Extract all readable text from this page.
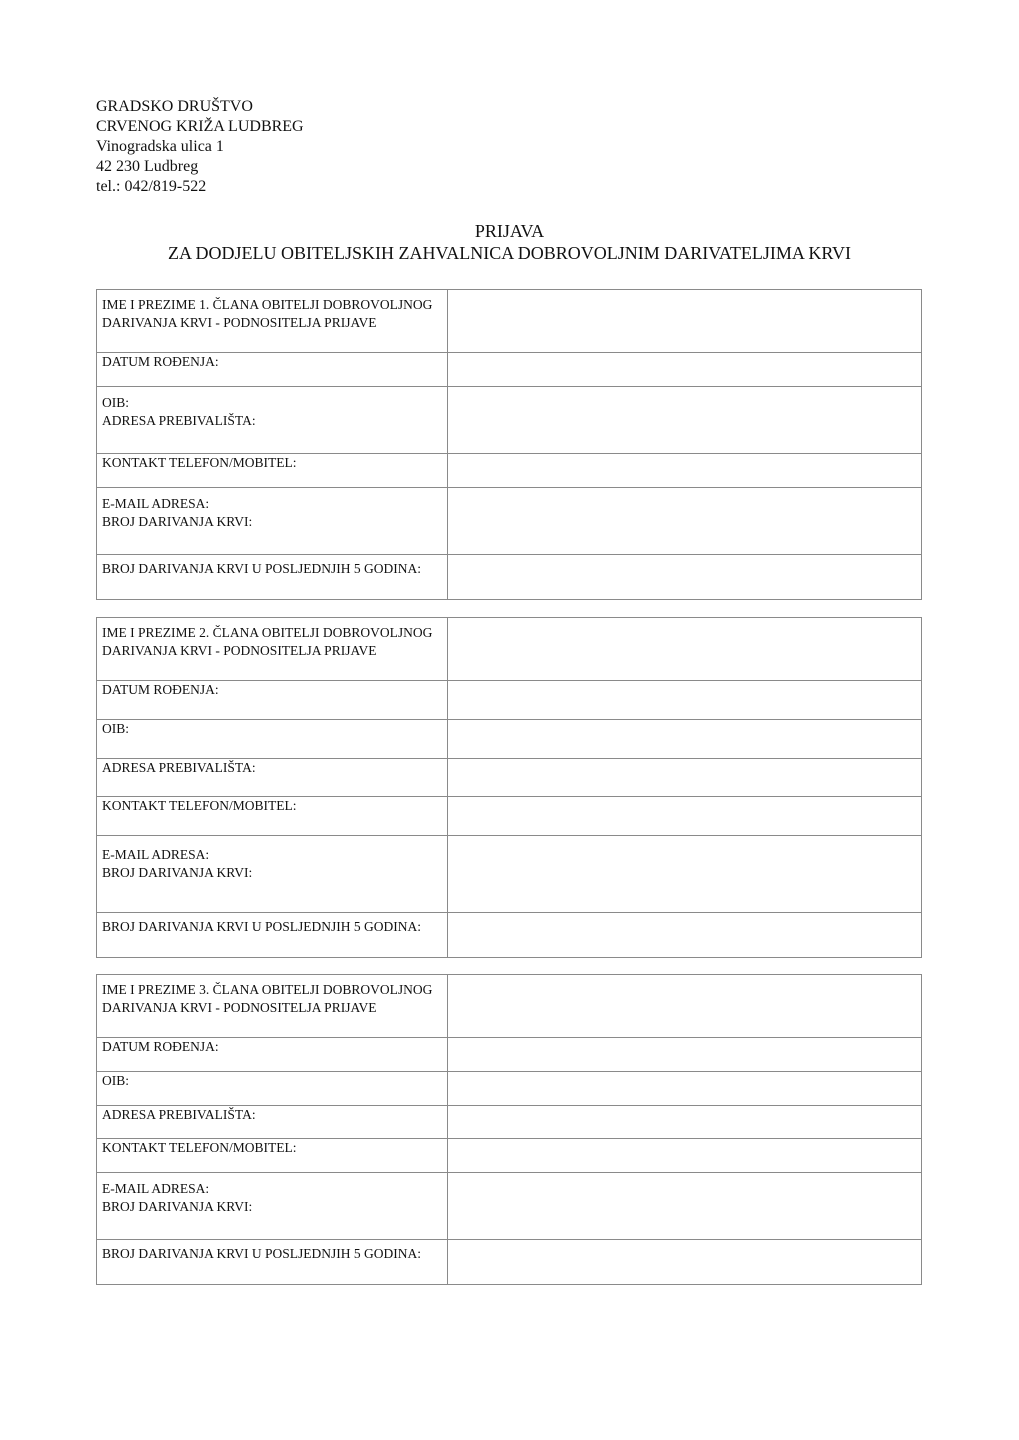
GRADSKO DRUŠTVO
CRVENOG KRIŽA LUDBREG
Vinogradska ulica 1
42 230 Ludbreg
tel.: 042/819-522
PRIJAVA
ZA DODJELU OBITELJSKIH ZAHVALNICA DOBROVOLJNIM DARIVATELJIMA KRVI
IME I PREZIME 1. ČLANA OBITELJI DOBROVOLJNOG DARIVANJA KRVI - PODNOSITELJA PRIJAVE	

DATUM ROĐENJA:	

OIB:
ADRESA PREBIVALIŠTA:	

KONTAKT TELEFON/MOBITEL:	

E-MAIL ADRESA:
BROJ DARIVANJA KRVI:	

BROJ DARIVANJA KRVI U POSLJEDNJIH 5 GODINA:	

IME I PREZIME 2. ČLANA OBITELJI DOBROVOLJNOG DARIVANJA KRVI - PODNOSITELJA PRIJAVE	

DATUM ROĐENJA:	

OIB:	

ADRESA PREBIVALIŠTA:	

KONTAKT TELEFON/MOBITEL:	

E-MAIL ADRESA:
BROJ DARIVANJA KRVI:	

BROJ DARIVANJA KRVI U POSLJEDNJIH 5 GODINA:	

IME I PREZIME 3. ČLANA OBITELJI DOBROVOLJNOG DARIVANJA KRVI - PODNOSITELJA PRIJAVE	

DATUM ROĐENJA:	

OIB:	

ADRESA PREBIVALIŠTA:	

KONTAKT TELEFON/MOBITEL:	

E-MAIL ADRESA:
BROJ DARIVANJA KRVI:	

BROJ DARIVANJA KRVI U POSLJEDNJIH 5 GODINA:	
